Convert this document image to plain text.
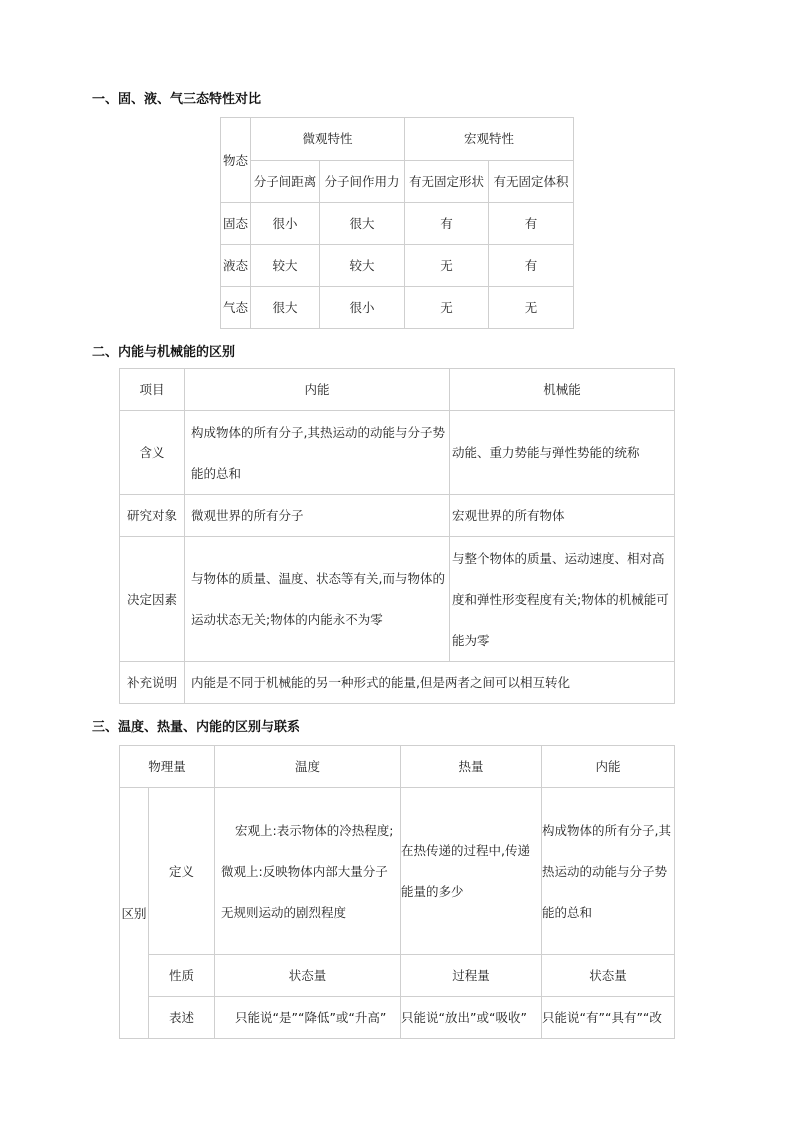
一、固、液、气三态特性对比
物态	微观特性		宏观特性	
	分子间距离	分子间作用力	有无固定形状	有无固定体积
固态	很小	很大	有	有
液态	较大	较大	无	有
气态	很大	很小	无	无
二、内能与机械能的区别
项目	内能	机械能
含义	构成物体的所有分子,其热运动的动能与分子势能的总和	动能、重力势能与弹性势能的统称
研究对象	微观世界的所有分子	宏观世界的所有物体
决定因素	与物体的质量、温度、状态等有关,而与物体的运动状态无关;物体的内能永不为零	与整个物体的质量、运动速度、相对高度和弹性形变程度有关;物体的机械能可能为零
补充说明	内能是不同于机械能的另一种形式的能量,但是两者之间可以相互转化	
三、温度、热量、内能的区别与联系
物理量		温度	热量	内能
区别	定义	宏观上:表示物体的冷热程度;微观上:反映物体内部大量分子无规则运动的剧烈程度	在热传递的过程中,传递能量的多少	构成物体的所有分子,其热运动的动能与分子势能的总和
	性质	状态量	过程量	状态量
	表述	只能说“是”“降低”或“升高”	只能说“放出”或“吸收”	只能说“有”“具有”“改
